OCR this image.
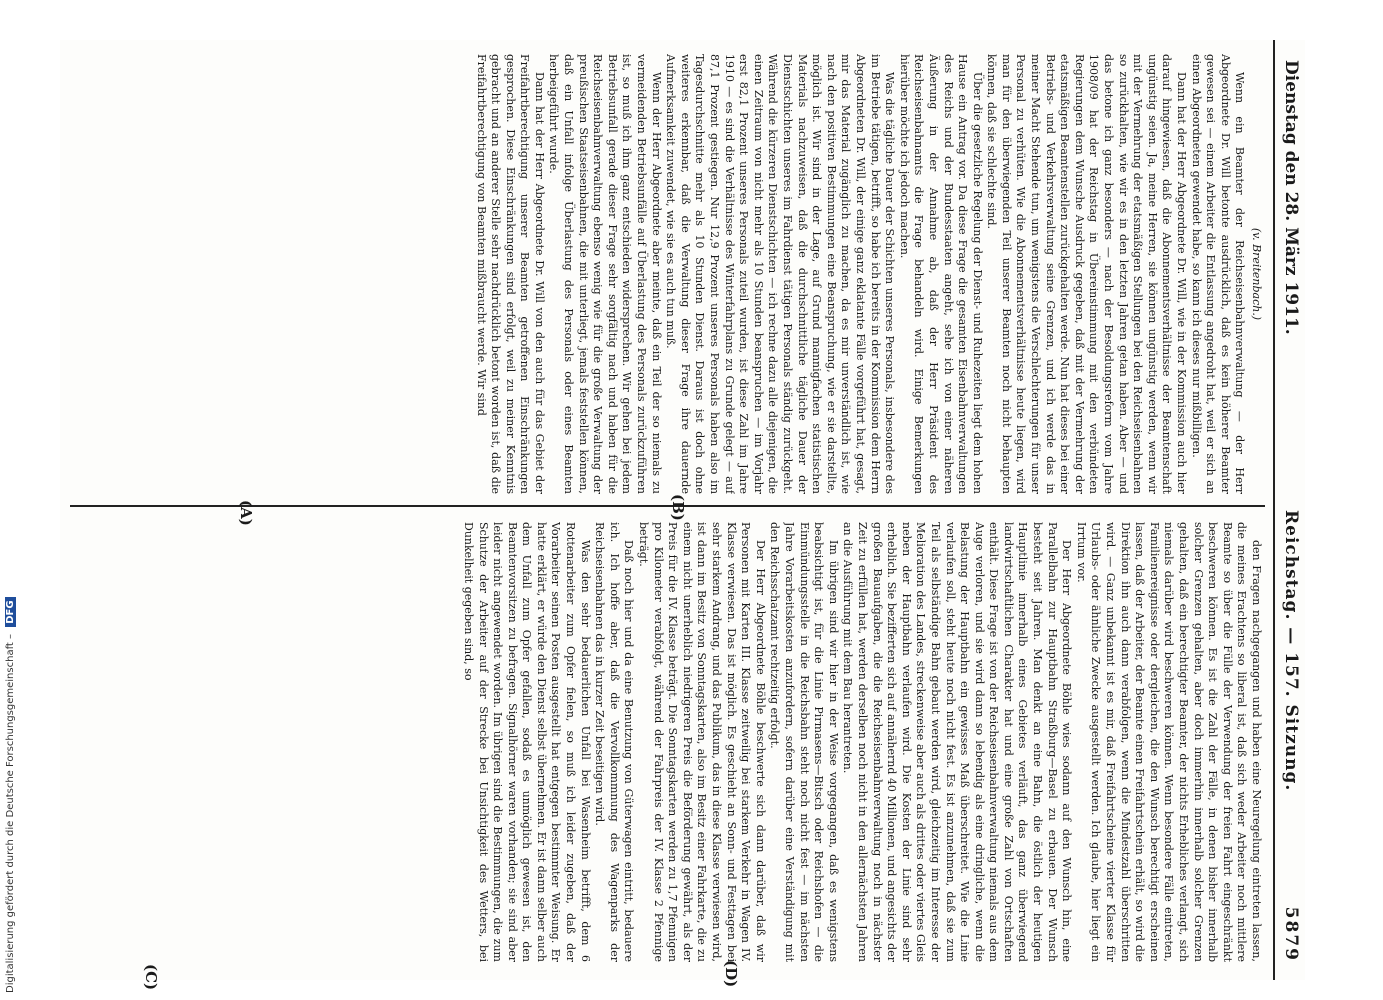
Dienstag den 28. März 1911.
Reichstag. — 157. Sitzung.
5879

(v. Breitenbach.)

Wenn ein Beamter der Reichseisenbahnverwaltung — der Herr Abgeordnete Dr. Will betonte ausdrücklich, daß es kein höherer Beamter gewesen sei — einem Arbeiter die Entlassung angedroht hat, weil er sich an einen Abgeordneten gewendet habe, so kann ich dieses nur mißbilligen.

Dann hat der Herr Abgeordnete Dr. Will, wie in der Kommission auch hier darauf hingewiesen, daß die Abonnementsverhältnisse der Beamtenschaft ungünstig seien. Ja, meine Herren, sie können ungünstig werden, wenn wir mit der Vermehrung der etatsmäßigen Stellungen bei den Reichseisenbahnen so zurückhalten, wie wir es in den letzten Jahren getan haben. Aber — und das betone ich ganz besonders — nach der Besoldungsreform vom Jahre 1908/09 hat der Reichstag in Übereinstimmung mit den verbündeten Regierungen dem Wunsche Ausdruck gegeben, daß mit der Vermehrung der etatsmäßigen Beamtenstellen zurückgehalten werde. Nun hat dieses bei einer Betriebs- und Verkehrsverwaltung seine Grenzen, und ich werde das in meiner Macht Stehende tun, um wenigstens die Verschlechterungen für unser Personal zu verhüten. Wie die Abonnementsverhältnisse heute liegen, wird man für den überwiegenden Teil unserer Beamten noch nicht behaupten können, daß sie schlechte sind.

Über die gesetzliche Regelung der Dienst- und Ruhezeiten liegt dem hohen Hause ein Antrag vor. Da diese Frage die gesamten Eisenbahnverwaltungen des Reichs und der Bundesstaaten angeht, sehe ich von einer näheren Äußerung in der Annahme ab, daß der Herr Präsident des Reichseisenbahnamts die Frage behandeln wird. Einige Bemerkungen hierüber möchte ich jedoch machen.

Was die tägliche Dauer der Schichten unseres Personals, insbesondere des im Betriebe tätigen, betrifft, so habe ich bereits in der Kommission dem Herrn Abgeordneten Dr. Will, der einige ganz eklatante Fälle vorgeführt hat, gesagt, mir das Material zugänglich zu machen, da es mir unverständlich ist, wie nach den positiven Bestimmungen eine Beanspruchung, wie er sie darstellte, möglich ist. Wir sind in der Lage, auf Grund mannigfachen statistischen Materials nachzuweisen, daß die durchschnittliche tägliche Dauer der Dienstschichten unseres im Fahrdienst tätigen Personals ständig zurückgeht. Während die kürzeren Dienstschichten — ich rechne dazu alle diejenigen, die einen Zeitraum von nicht mehr als 10 Stunden beanspruchen — im Vorjahr erst 82,1 Prozent unseres Personals zuteil wurden, ist diese Zahl im Jahre 1910 — es sind die Verhältnisse des Winterfahrplans zu Grunde gelegt — auf 87,1 Prozent gestiegen. Nur 12,9 Prozent unseres Personals haben also im Tagesdurchschnitte mehr als 10 Stunden Dienst. Daraus ist doch ohne weiteres erkennbar, daß die Verwaltung dieser Frage ihre dauernde Aufmerksamkeit zuwendet, wie sie es auch tun muß.

Wenn der Herr Abgeordnete aber meinte, daß ein Teil der so niemals zu vermeidenden Betriebsunfälle auf Überlastung des Personals zurückzuführen ist, so muß ich ihm ganz entschieden widersprechen. Wir gehen bei jedem Betriebsunfall gerade dieser Frage sehr sorgfältig nach und haben für die Reichseisenbahnverwaltung ebenso wenig wie für die große Verwaltung der preußischen Staatseisenbahnen, die mit unterliegt, jemals feststellen können, daß ein Unfall infolge Überlastung des Personals oder eines Beamten herbeigeführt wurde.

Dann hat der Herr Abgeordnete Dr. Will von den auch für das Gebiet der Freifahrtberechtigung unserer Beamten getroffenen Einschränkungen gesprochen. Diese Einschränkungen sind erfolgt, weil zu meiner Kenntnis gebracht und an anderer Stelle sehr nachdrücklich betont worden ist, daß die Freifahrtberechtigung von Beamten mißbraucht werde. Wir sind

den Fragen nachgegangen und haben eine Neuregelung eintreten lassen, die meines Erachtens so liberal ist, daß sich weder Arbeiter noch mittlere Beamte so über die Fülle der Verwendung der freien Fahrt eingeschränkt beschweren können. Es ist die Zahl der Fälle, in denen bisher innerhalb solcher Grenzen gehalten, aber doch immerhin innerhalb solcher Grenzen gehalten, daß ein berechtigter Beamter, der nichts Erhebliches verlangt, sich niemals darüber wird beschweren können. Wenn besondere Fälle eintreten, Familienereignisse oder dergleichen, die den Wunsch berechtigt erscheinen lassen, daß der Arbeiter, der Beamte einen Freifahrtschein erhält, so wird die Direktion ihn auch dann verabfolgen, wenn die Mindestzahl überschritten wird. — Ganz unbekannt ist es mir, daß Freifahrtscheine vierter Klasse für Urlaubs- oder ähnliche Zwecke ausgestellt werden. Ich glaube, hier liegt ein Irrtum vor.

Der Herr Abgeordnete Böhle wies sodann auf den Wunsch hin, eine Parallelbahn zur Hauptbahn Straßburg—Basel zu erbauen. Der Wunsch besteht seit Jahren. Man denkt an eine Bahn, die östlich der heutigen Hauptlinie innerhalb eines Gebietes verläuft, das ganz überwiegend landwirtschaftlichen Charakter hat und eine große Zahl von Ortschaften enthält. Diese Frage ist von der Reichseisenbahnverwaltung niemals aus dem Auge verloren, und sie wird dann so lebendig als eine dringliche, wenn die Belastung der Hauptbahn ein gewisses Maß überschreitet. Wie die Linie verlaufen soll, steht heute noch nicht fest. Es ist anzunehmen, daß sie zum Teil als selbständige Bahn gebaut werden wird, gleichzeitig im Interesse der Melioration des Landes, streckenweise aber auch als drittes oder viertes Gleis neben der Hauptbahn verlaufen wird. Die Kosten der Linie sind sehr erheblich. Sie bezifferten sich auf annähernd 40 Millionen, und angesichts der großen Bauaufgaben, die die Reichseisenbahnverwaltung noch in nächster Zeit zu erfüllen hat, werden derselben noch nicht in den allernächsten Jahren an die Ausführung mit dem Bau herantreten.

Im übrigen sind wir hier in der Weise vorgegangen, daß es wenigstens beabsichtigt ist, für die Linie Pirmasens—Bitsch oder Reichshofen — die Einmündungsstelle in die Reichsbahn steht noch nicht fest — im nächsten Jahre Vorarbeitskosten anzufordern, sofern darüber eine Verständigung mit den Reichsschatzamt rechtzeitig erfolgt.

Der Herr Abgeordnete Böhle beschwerte sich dann darüber, daß wir Personen mit Karten III. Klasse zeitweilig bei starkem Verkehr in Wagen IV. Klasse verwiesen. Das ist möglich. Es geschieht an Sonn- und Festtagen bei sehr starkem Andrang, und das Publikum, das in diese Klasse verwiesen wird, ist dann im Besitz von Sonntagskarten, also im Besitz einer Fahrkarte, die zu einem nicht unerheblich niedrigeren Preis die Beförderung gewährt, als der Preis für die IV. Klasse beträgt. Die Sonntagskarten werden zu 1,7 Pfennigen pro Kilometer verabfolgt, während der Fahrpreis der IV. Klasse 2 Pfennige beträgt.

Daß noch hier und da eine Benutzung von Güterwagen eintritt, bedauere ich. Ich hoffe aber, daß die Vervollkommnung des Wagenparks der Reichseisenbahnen das in kurzer Zeit beseitigen wird.

Was den sehr bedauerlichen Unfall bei Wasenheim betrifft, dem 6 Rottenarbeiter zum Opfer fielen, so muß ich leider zugeben, daß der Vorarbeiter seinen Posten ausgestellt hat entgegen bestimmter Weisung. Er hatte erklärt, er würde den Dienst selbst übernehmen. Er ist dann selber auch dem Unfall zum Opfer gefallen, sodaß es unmöglich gewesen ist, den Beamtenvorsitzen zu befragen. Signalhörner waren vorhanden; sie sind aber leider nicht angewendet worden. Im übrigen sind die Bestimmungen, die zum Schutze der Arbeiter auf der Strecke bei Unsichtigkeit des Wetters, bei Dunkelheit gegeben sind, so

(A)	(B)
(C)	(D)
Digitalisierung gefördert durch die Deutsche Forschungsgemeinschaft – DFG
